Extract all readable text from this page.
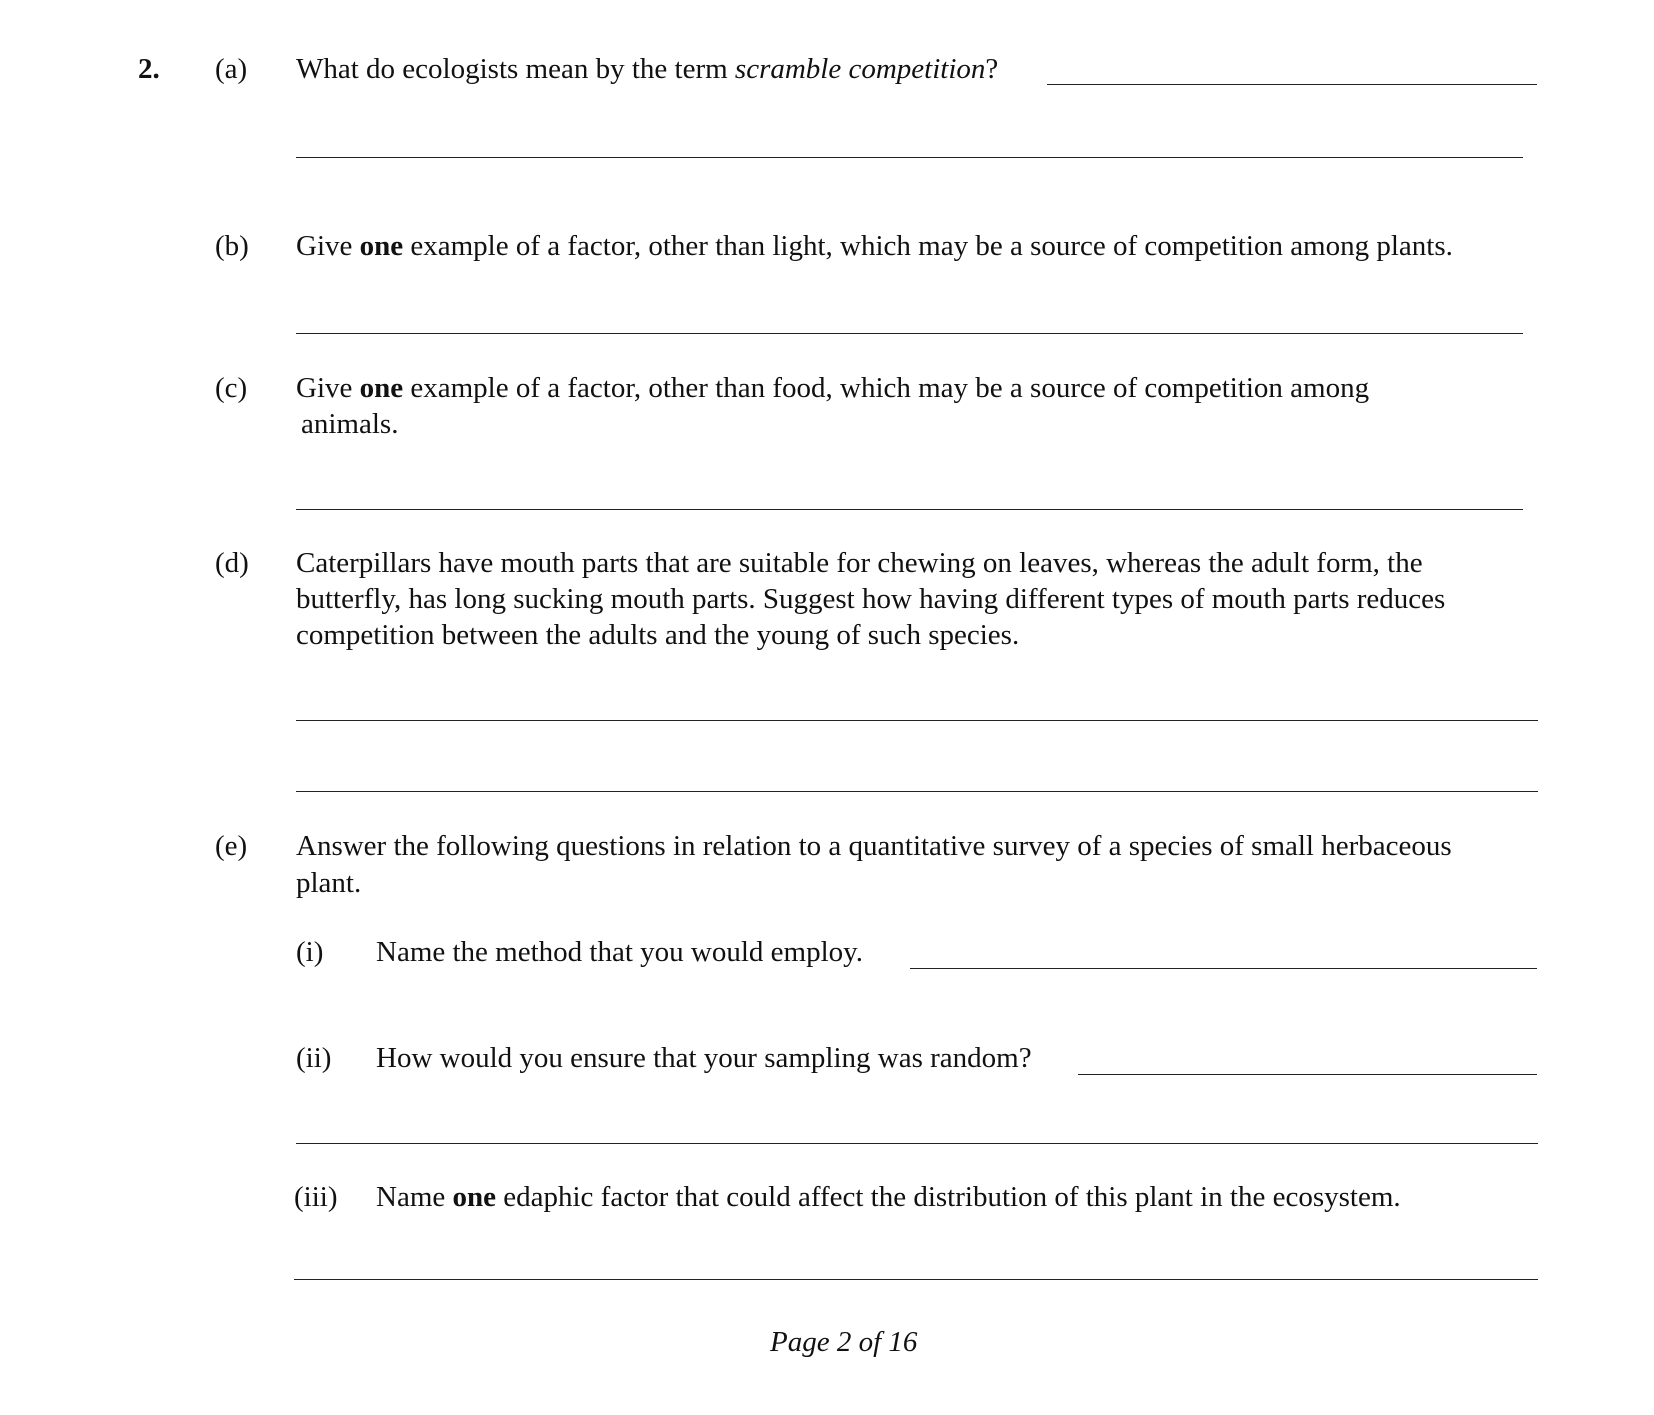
2. (a) What do ecologists mean by the term scramble competition?
(b) Give one example of a factor, other than light, which may be a source of competition among plants.
(c) Give one example of a factor, other than food, which may be a source of competition among
animals.
(d) Caterpillars have mouth parts that are suitable for chewing on leaves, whereas the adult form, the
butterfly, has long sucking mouth parts. Suggest how having different types of mouth parts reduces
competition between the adults and the young of such species.
(e) Answer the following questions in relation to a quantitative survey of a species of small herbaceous
plant.
(i) Name the method that you would employ.
(ii) How would you ensure that your sampling was random?
(iii) Name one edaphic factor that could affect the distribution of this plant in the ecosystem.
Page 2 of 16
